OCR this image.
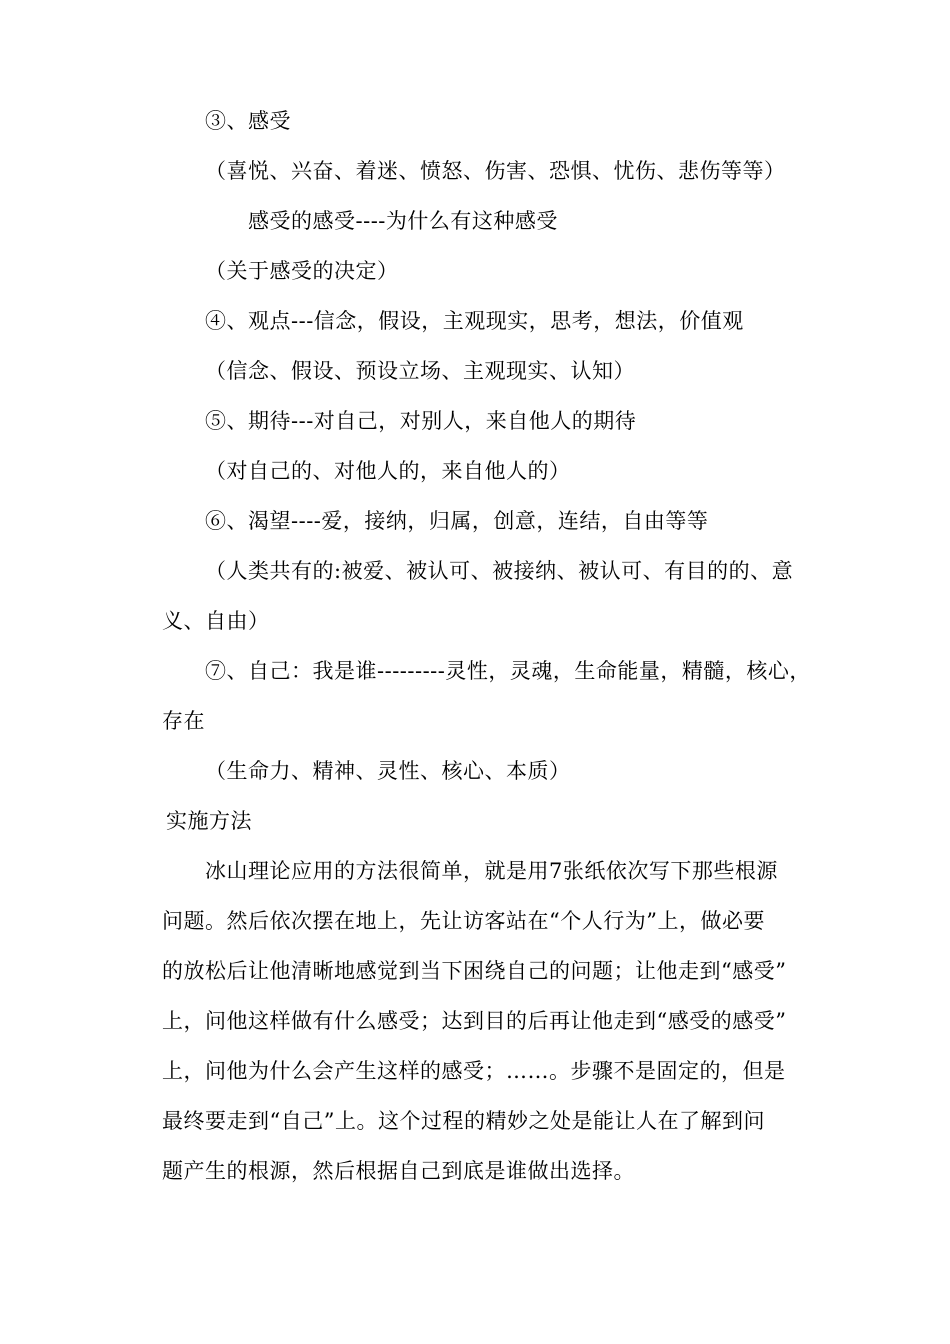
③、感受
（喜悦、兴奋、着迷、愤怒、伤害、恐惧、忧伤、悲伤等等）
感受的感受----为什么有这种感受
（关于感受的决定）
④、观点---信念，假设，主观现实，思考，想法，价值观
（信念、假设、预设立场、主观现实、认知）
⑤、期待---对自己，对别人，来自他人的期待
（对自己的、对他人的，来自他人的）
⑥、渴望----爱，接纳，归属，创意，连结，自由等等
（人类共有的:被爱、被认可、被接纳、被认可、有目的的、意
义、自由）
⑦、自己：我是谁---------灵性，灵魂，生命能量，精髓，核心，
存在
（生命力、精神、灵性、核心、本质）
实施方法
冰山理论应用的方法很简单，就是用7张纸依次写下那些根源
问题。然后依次摆在地上，先让访客站在“个人行为”上，做必要
的放松后让他清晰地感觉到当下困绕自己的问题；让他走到“感受”
上，问他这样做有什么感受；达到目的后再让他走到“感受的感受”
上，问他为什么会产生这样的感受；……。步骤不是固定的，但是
最终要走到“自己”上。这个过程的精妙之处是能让人在了解到问
题产生的根源，然后根据自己到底是谁做出选择。
